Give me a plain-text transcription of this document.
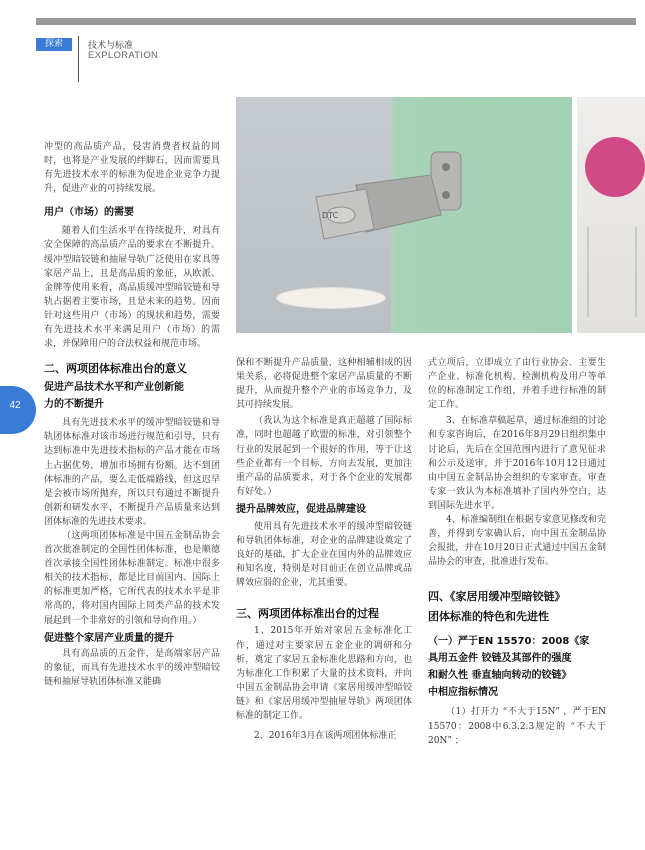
探索	技术与标准
EXPLORATION
DTC
42

冲型的高品质产品，侵害消费者权益的同时，也将是产业发展的绊脚石，因而需要具有先进技术水平的标准为促进企业竞争力提升，促进产业的可持续发展。

用户（市场）的需要

随着人们生活水平在持续提升，对具有安全保障的高品质产品的要求在不断提升。缓冲型暗铰链和抽屉导轨广泛使用在家具等家居产品上，且是高品质的象征，从欧派、金牌等使用来看，高品质缓冲型暗铰链和导轨占据着主要市场，且是未来的趋势。因而针对这些用户（市场）的现状和趋势，需要有先进技术水平来满足用户（市场）的需求，并保障用户的合法权益和规范市场。

二、两项团体标准出台的意义
促进产品技术水平和产业创新能
力的不断提升

具有先进技术水平的缓冲型暗铰链和导轨团体标准对该市场进行规范和引导，只有达到标准中先进技术指标的产品才能在市场上占据优势，增加市场拥有份额。达不到团体标准的产品，要么走低端路线，但这迟早是会被市场所抛弃，所以只有通过不断提升创新和研发水平，不断提升产品质量来达到团体标准的先进技术要求。

（这两项团体标准是中国五金制品协会首次批准制定的全国性团体标准，也是顺德首次承接全国性团体标准制定。标准中很多相关的技术指标，都是比目前国内、国际上的标准更加严格，它所代表的技术水平是非常高的，将对国内国际上同类产品的技术发展起到一个非常好的引领和导向作用。）

促进整个家居产业质量的提升

具有高品质的五金件，是高端家居产品的象征，而具有先进技术水平的缓冲型暗铰链和抽屉导轨团体标准又能确

保和不断提升产品质量，这种相辅相成的因果关系，必将促进整个家居产品质量的不断提升，从而提升整个产业的市场竞争力，及其可持续发展。

（我认为这个标准是真正超越了国际标准，同时也超越了欧盟的标准，对引领整个行业的发展起到一个很好的作用，等于让这些企业都有一个目标，方向去发展，更加注重产品的品质要求，对于各个企业的发展都有好处。）

提升品牌效应，促进品牌建设

使用具有先进技术水平的缓冲型暗铰链和导轨团体标准，对企业的品牌建设奠定了良好的基础，扩大企业在国内外的品牌效应和知名度，特别是对目前正在创立品牌或品牌效应弱的企业，尤其重要。

三、两项团体标准出台的过程

1、2015年开始对家居五金标准化工作，通过对主要家居五金企业的调研和分析，奠定了家居五金标准化思路和方向，也为标准化工作积累了大量的技术资料，并向中国五金制品协会申请《家居用缓冲型暗铰链》和《家居用缓冲型抽屉导轨》两项团体标准的制定工作。

2、2016年3月在该两项团体标准正

式立项后，立即成立了由行业协会、主要生产企业、标准化机构、检测机构及用户等单位的标准制定工作组，并着手进行标准的制定工作。

3、在标准草稿起草，通过标准组的讨论和专家咨询后，在2016年8月29日组织集中讨论后，先后在全国范围内进行了意见征求和公示及送审，并于2016年10月12日通过由中国五金制品协会组织的专家审查。审查专家一致认为本标准填补了国内外空白，达到国际先进水平。

4、标准编制组在根据专家意见修改和完善，并得到专家确认后，向中国五金制品协会报批，并在10月20日正式通过中国五金制品协会的审查，批准进行发布。

四、《家居用缓冲型暗铰链》
团体标准的特色和先进性
（一）严于EN 15570：2008《家
具用五金件 铰链及其部件的强度
和耐久性 垂直轴向转动的铰链》
中相应指标情况

（1）打开力 “不大于15N” ，严于EN 15570：2008中6.3.2.3规定的 “不大于20N” ；
